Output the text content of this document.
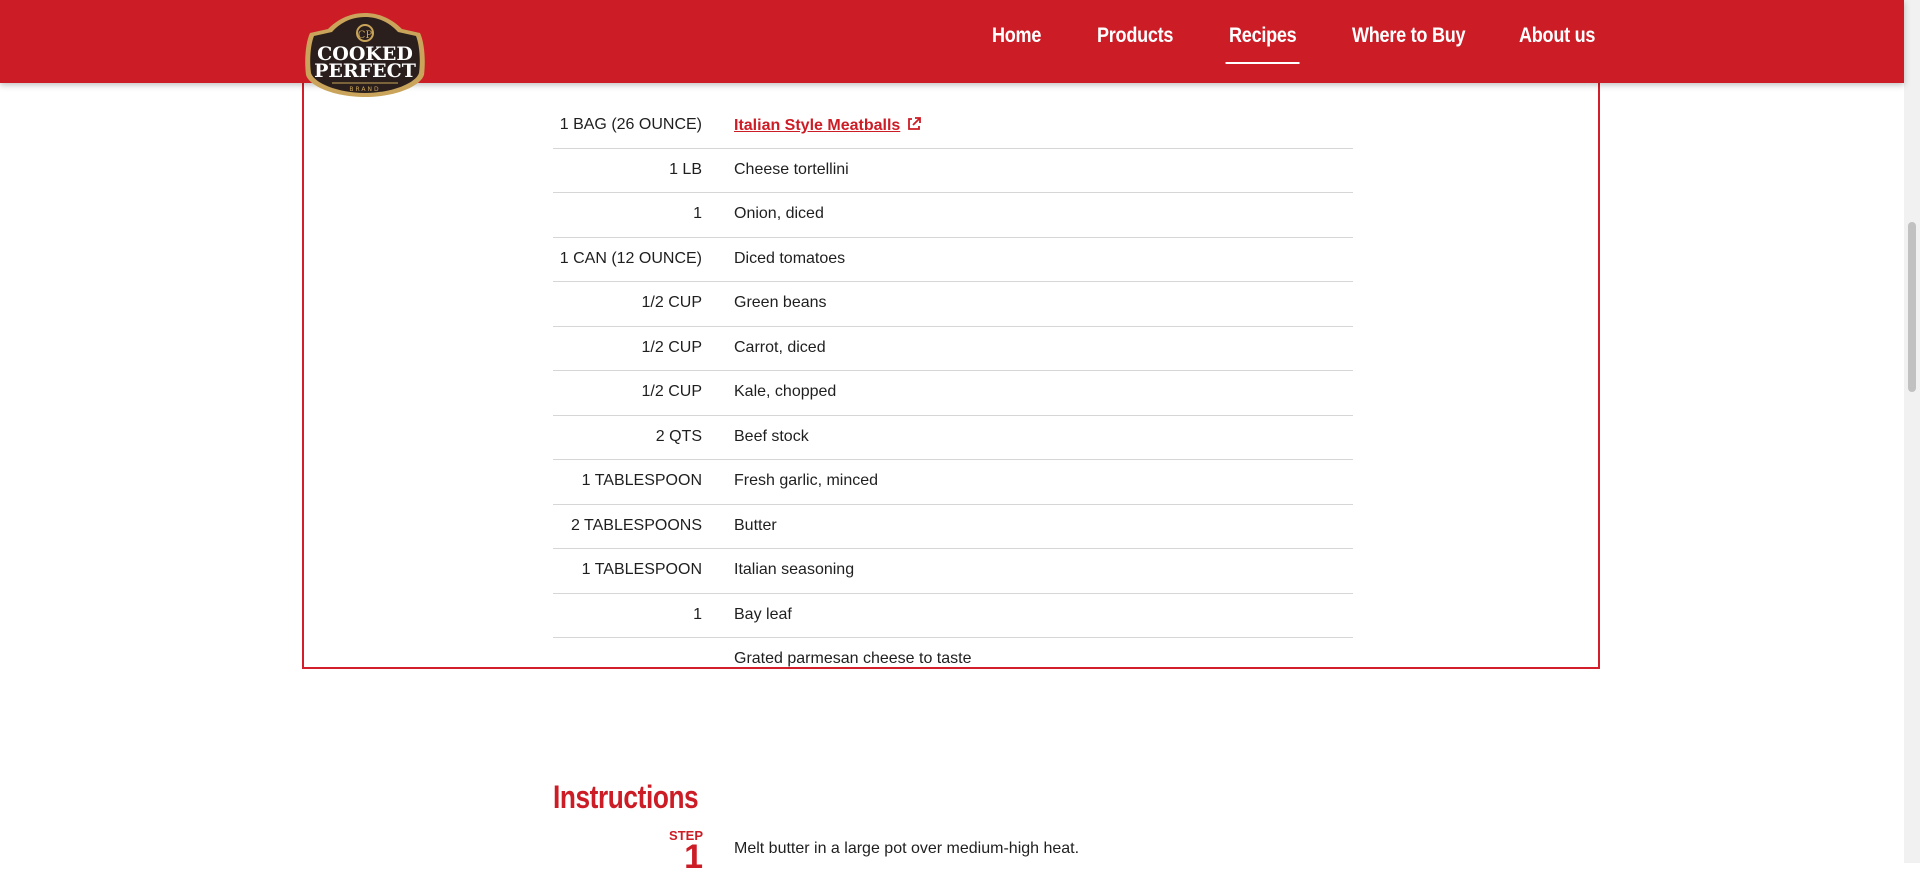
Home	Products	Recipes	Where to Buy	About us
CP
COOKED
PERFECT
BRAND
1 BAG (26 OUNCE) Italian Style Meatballs
1 LB Cheese tortellini
1 Onion, diced
1 CAN (12 OUNCE) Diced tomatoes
1/2 CUP Green beans
1/2 CUP Carrot, diced
1/2 CUP Kale, chopped
2 QTS Beef stock
1 TABLESPOON Fresh garlic, minced
2 TABLESPOONS Butter
1 TABLESPOON Italian seasoning
1 Bay leaf
Grated parmesan cheese to taste
Instructions
STEP
1 Melt butter in a large pot over medium-high heat.
